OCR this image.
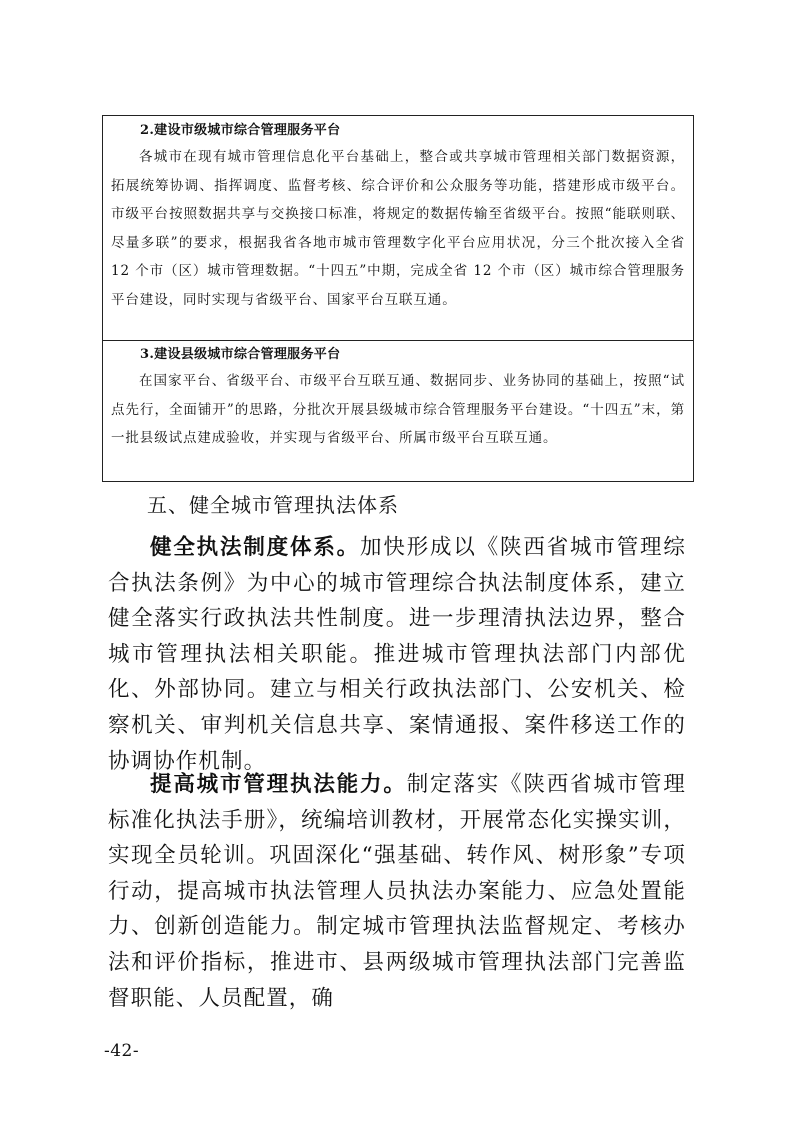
2.建设市级城市综合管理服务平台
各城市在现有城市管理信息化平台基础上，整合或共享城市管理相关部门数据资源，拓展统筹协调、指挥调度、监督考核、综合评价和公众服务等功能，搭建形成市级平台。市级平台按照数据共享与交换接口标准，将规定的数据传输至省级平台。按照“能联则联、尽量多联”的要求，根据我省各地市城市管理数字化平台应用状况，分三个批次接入全省 12 个市（区）城市管理数据。“十四五”中期，完成全省 12 个市（区）城市综合管理服务平台建设，同时实现与省级平台、国家平台互联互通。
3.建设县级城市综合管理服务平台
在国家平台、省级平台、市级平台互联互通、数据同步、业务协同的基础上，按照“试点先行，全面铺开”的思路，分批次开展县级城市综合管理服务平台建设。“十四五”末，第一批县级试点建成验收，并实现与省级平台、所属市级平台互联互通。
五、健全城市管理执法体系

健全执法制度体系。加快形成以《陕西省城市管理综合执法条例》为中心的城市管理综合执法制度体系，建立健全落实行政执法共性制度。进一步理清执法边界，整合城市管理执法相关职能。推进城市管理执法部门内部优化、外部协同。建立与相关行政执法部门、公安机关、检察机关、审判机关信息共享、案情通报、案件移送工作的协调协作机制。

提高城市管理执法能力。制定落实《陕西省城市管理标准化执法手册》，统编培训教材，开展常态化实操实训，实现全员轮训。巩固深化“强基础、转作风、树形象”专项行动，提高城市执法管理人员执法办案能力、应急处置能力、创新创造能力。制定城市管理执法监督规定、考核办法和评价指标，推进市、县两级城市管理执法部门完善监督职能、人员配置，确

-42-
